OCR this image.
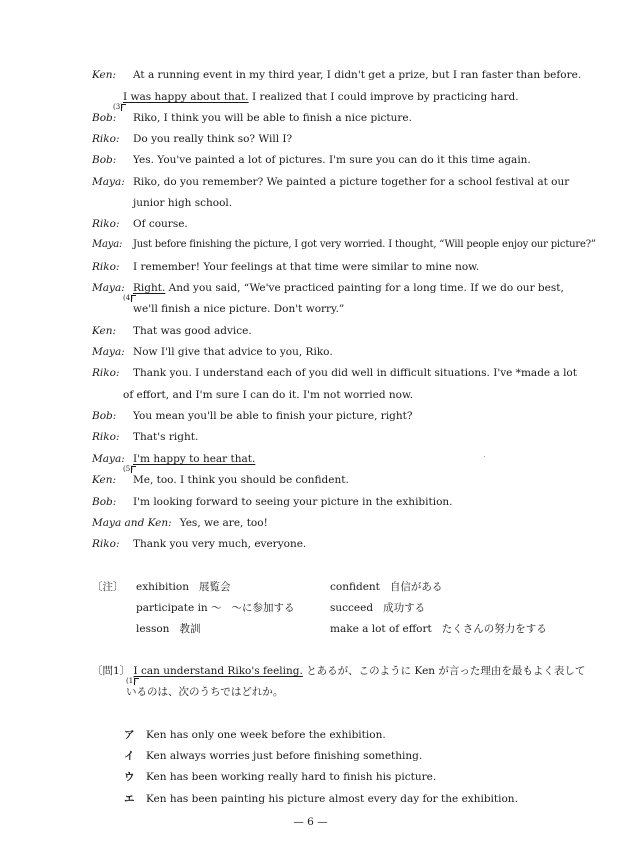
Ken: At a running event in my third year, I didn't get a prize, but I ran faster than before.
I was happy about that. I realized that I could improve by practicing hard.
(3)
Bob: Riko, I think you will be able to finish a nice picture.
Riko: Do you really think so? Will I?
Bob: Yes. You've painted a lot of pictures. I'm sure you can do it this time again.
Maya: Riko, do you remember? We painted a picture together for a school festival at our
junior high school.
Riko: Of course.
Maya: Just before finishing the picture, I got very worried. I thought, “Will people enjoy our picture?”
Riko: I remember! Your feelings at that time were similar to mine now.
Maya: Right. And you said, “We've practiced painting for a long time. If we do our best,
(4)
we'll finish a nice picture. Don't worry.”
Ken: That was good advice.
Maya: Now I'll give that advice to you, Riko.
Riko: Thank you. I understand each of you did well in difficult situations. I've *made a lot
of effort, and I'm sure I can do it. I'm not worried now.
Bob: You mean you'll be able to finish your picture, right?
Riko: That's right.
Maya: I'm happy to hear that.
(5)
Ken: Me, too. I think you should be confident.
Bob: I'm looking forward to seeing your picture in the exhibition.
Maya and Ken: Yes, we are, too!
Riko: Thank you very much, everyone.
〔注〕 exhibition 展覧会
participate in ～ ～に参加する
lesson 教訓
confident 自信がある
succeed 成功する
make a lot of effort たくさんの努力をする
〔問1〕 I can understand Riko's feeling. とあるが、このように Ken が言った理由を最もよく表して
(1)
いるのは、次のうちではどれか。
ア Ken has only one week before the exhibition.
イ Ken always worries just before finishing something.
ウ Ken has been working really hard to finish his picture.
エ Ken has been painting his picture almost every day for the exhibition.
— 6 —
